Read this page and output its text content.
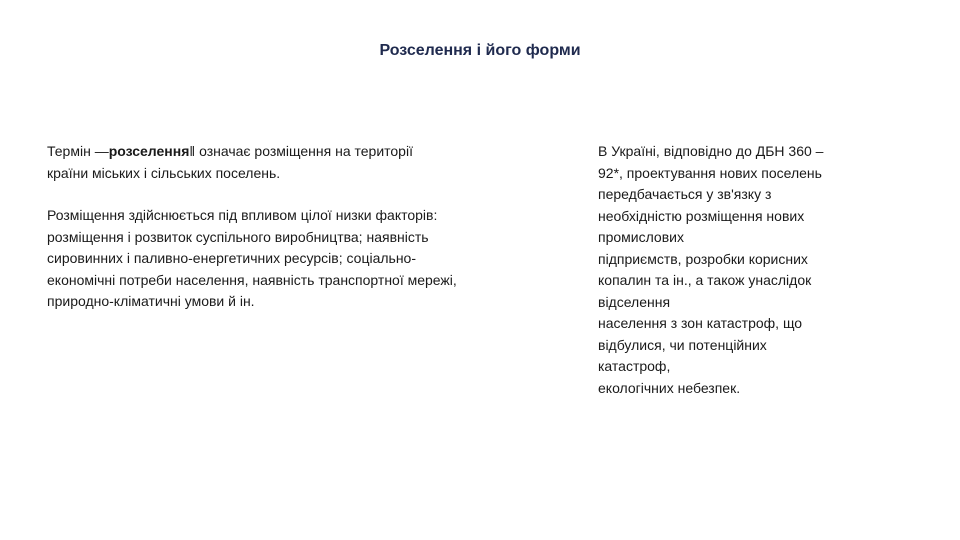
Розселення і його форми

Термін ―розселення‖ означає розміщення на території країни міських і сільських поселень.

Розміщення здійснюється під впливом цілої низки факторів: розміщення і розвиток суспільного виробництва; наявність сировинних і паливно-енергетичних ресурсів; соціально-економічні потреби населення, наявність транспортної мережі, природно-кліматичні умови й ін.

В Україні, відповідно до ДБН 360 –
92*, проектування нових поселень
передбачається у зв'язку з
необхідністю розміщення нових
промислових
підприємств, розробки корисних
копалин та ін., а також унаслідок
відселення
населення з зон катастроф, що
відбулися, чи потенційних
катастроф,
екологічних небезпек.
